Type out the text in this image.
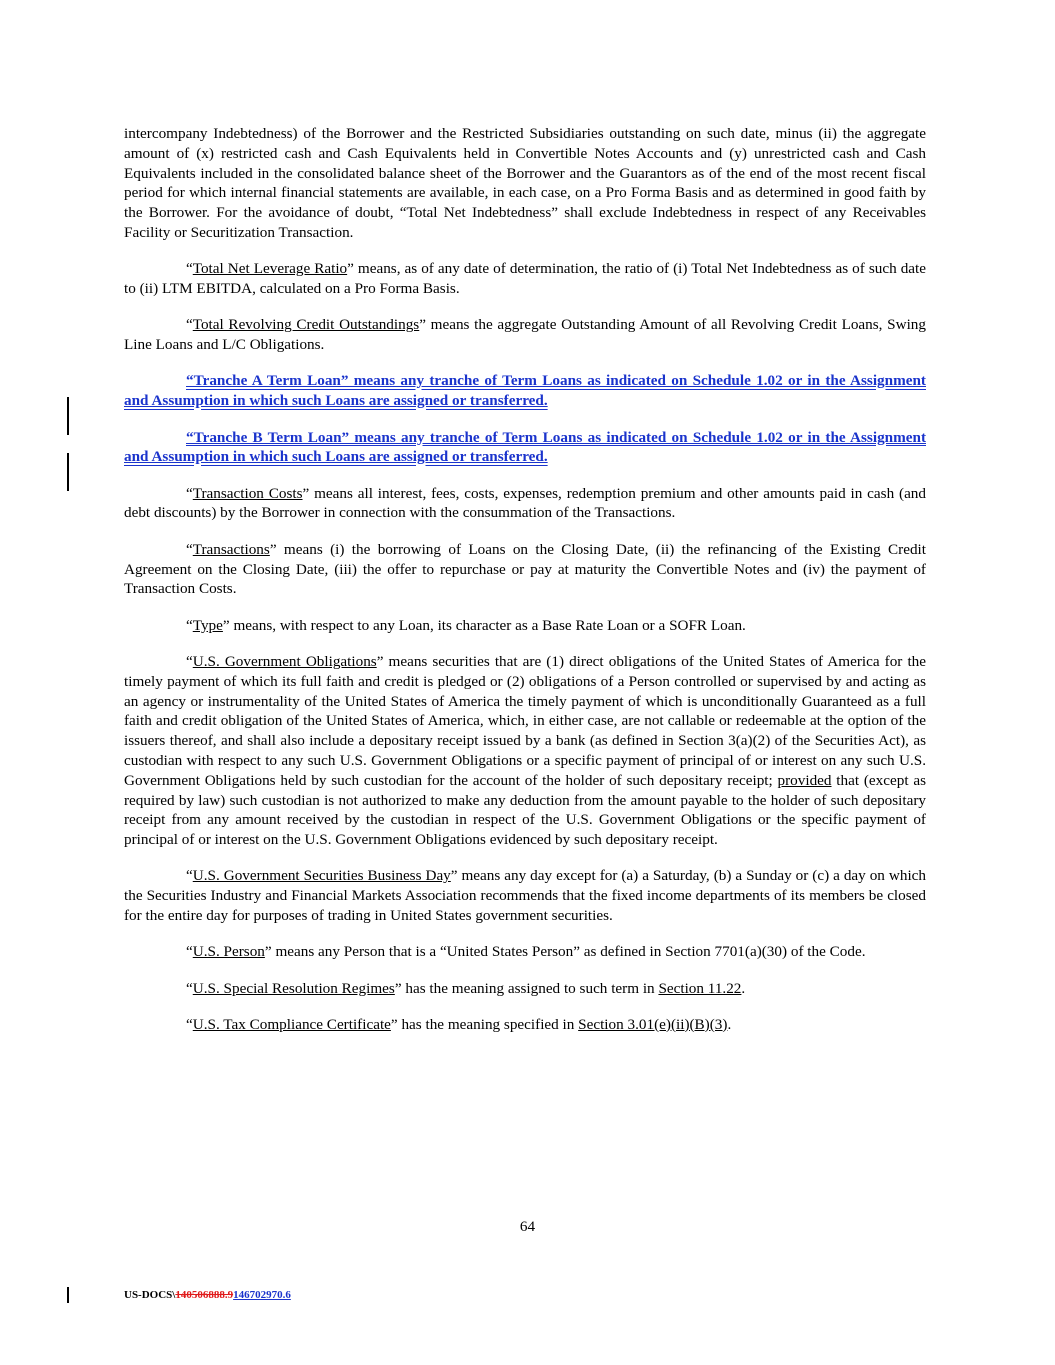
intercompany Indebtedness) of the Borrower and the Restricted Subsidiaries outstanding on such date, minus (ii) the aggregate amount of (x) restricted cash and Cash Equivalents held in Convertible Notes Accounts and (y) unrestricted cash and Cash Equivalents included in the consolidated balance sheet of the Borrower and the Guarantors as of the end of the most recent fiscal period for which internal financial statements are available, in each case, on a Pro Forma Basis and as determined in good faith by the Borrower. For the avoidance of doubt, “Total Net Indebtedness” shall exclude Indebtedness in respect of any Receivables Facility or Securitization Transaction.

“Total Net Leverage Ratio” means, as of any date of determination, the ratio of (i) Total Net Indebtedness as of such date to (ii) LTM EBITDA, calculated on a Pro Forma Basis.

“Total Revolving Credit Outstandings” means the aggregate Outstanding Amount of all Revolving Credit Loans, Swing Line Loans and L/C Obligations.

“Tranche A Term Loan” means any tranche of Term Loans as indicated on Schedule 1.02 or in the Assignment and Assumption in which such Loans are assigned or transferred.

“Tranche B Term Loan” means any tranche of Term Loans as indicated on Schedule 1.02 or in the Assignment and Assumption in which such Loans are assigned or transferred.

“Transaction Costs” means all interest, fees, costs, expenses, redemption premium and other amounts paid in cash (and debt discounts) by the Borrower in connection with the consummation of the Transactions.

“Transactions” means (i) the borrowing of Loans on the Closing Date, (ii) the refinancing of the Existing Credit Agreement on the Closing Date, (iii) the offer to repurchase or pay at maturity the Convertible Notes and (iv) the payment of Transaction Costs.

“Type” means, with respect to any Loan, its character as a Base Rate Loan or a SOFR Loan.

“U.S. Government Obligations” means securities that are (1) direct obligations of the United States of America for the timely payment of which its full faith and credit is pledged or (2) obligations of a Person controlled or supervised by and acting as an agency or instrumentality of the United States of America the timely payment of which is unconditionally Guaranteed as a full faith and credit obligation of the United States of America, which, in either case, are not callable or redeemable at the option of the issuers thereof, and shall also include a depositary receipt issued by a bank (as defined in Section 3(a)(2) of the Securities Act), as custodian with respect to any such U.S. Government Obligations or a specific payment of principal of or interest on any such U.S. Government Obligations held by such custodian for the account of the holder of such depositary receipt; provided that (except as required by law) such custodian is not authorized to make any deduction from the amount payable to the holder of such depositary receipt from any amount received by the custodian in respect of the U.S. Government Obligations or the specific payment of principal of or interest on the U.S. Government Obligations evidenced by such depositary receipt.

“U.S. Government Securities Business Day” means any day except for (a) a Saturday, (b) a Sunday or (c) a day on which the Securities Industry and Financial Markets Association recommends that the fixed income departments of its members be closed for the entire day for purposes of trading in United States government securities.

“U.S. Person” means any Person that is a “United States Person” as defined in Section 7701(a)(30) of the Code.

“U.S. Special Resolution Regimes” has the meaning assigned to such term in Section 11.22.

“U.S. Tax Compliance Certificate” has the meaning specified in Section 3.01(e)(ii)(B)(3).

64
US-DOCS\140506888.9146702970.6
